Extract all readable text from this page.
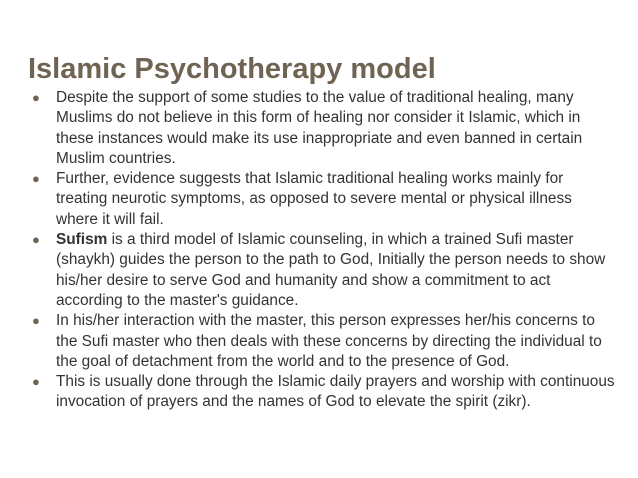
Islamic Psychotherapy model
● Despite the support of some studies to the value of traditional healing, many Muslims do not believe in this form of healing nor consider it Islamic, which in these instances would make its use inappropriate and even banned in certain Muslim countries.
● Further, evidence suggests that Islamic traditional healing works mainly for treating neurotic symptoms, as opposed to severe mental or physical illness where it will fail.
● Sufism is a third model of Islamic counseling, in which a trained Sufi master (shaykh) guides the person to the path to God, Initially the person needs to show his/her desire to serve God and humanity and show a commitment to act according to the master's guidance.
● In his/her interaction with the master, this person expresses her/his concerns to the Sufi master who then deals with these concerns by directing the individual to the goal of detachment from the world and to the presence of God.
● This is usually done through the Islamic daily prayers and worship with continuous invocation of prayers and the names of God to elevate the spirit (zikr).
